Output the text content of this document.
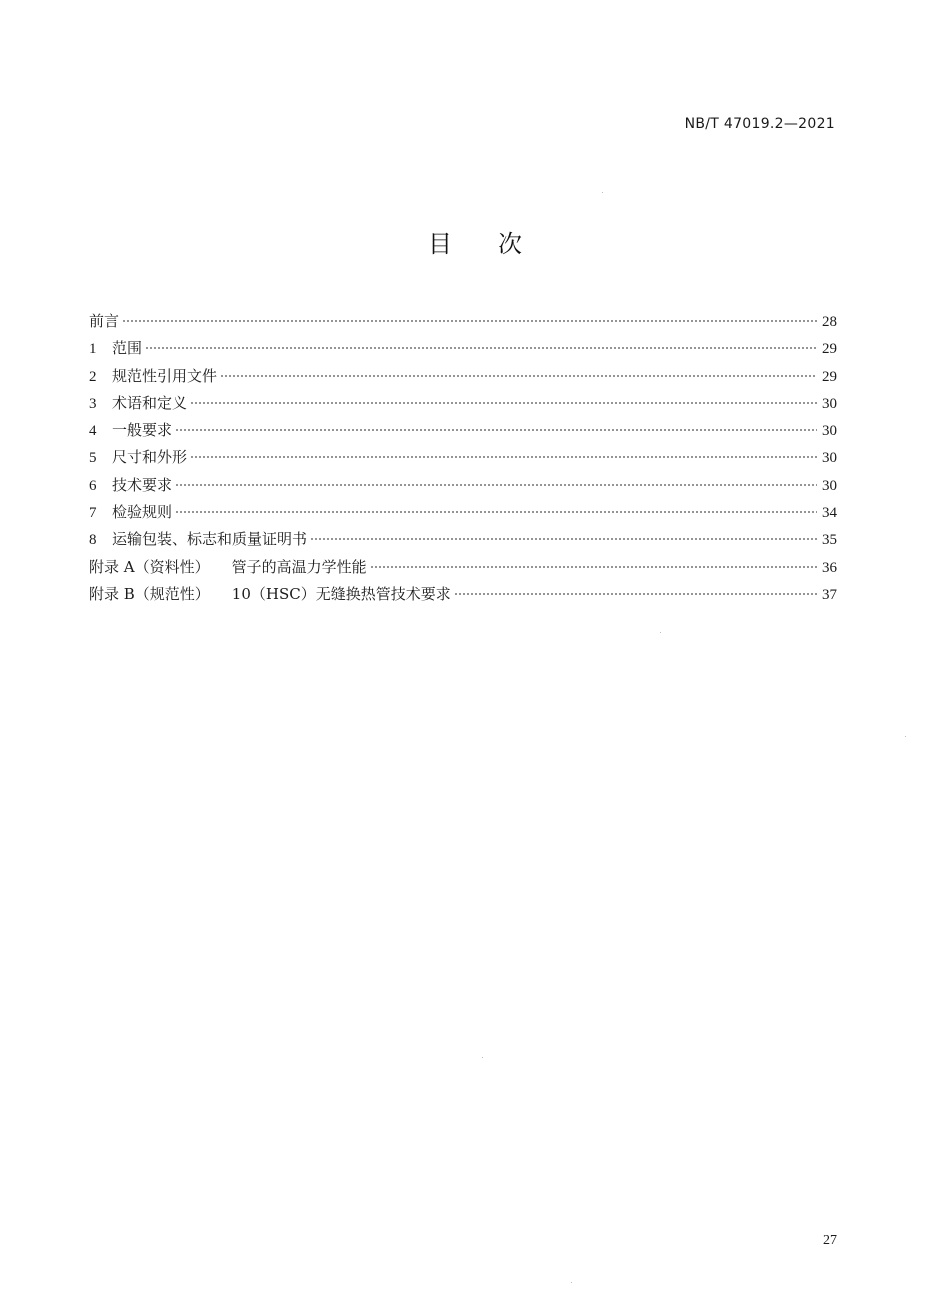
NB/T 47019.2—2021
目次
前言	28
1	范围	29
2	规范性引用文件	29
3	术语和定义	30
4	一般要求	30
5	尺寸和外形	30
6	技术要求	30
7	检验规则	34
8	运输包装、标志和质量证明书	35
附录 A（资料性） 管子的高温力学性能	36
附录 B（规范性） 10（HSC）无缝换热管技术要求	37
27
